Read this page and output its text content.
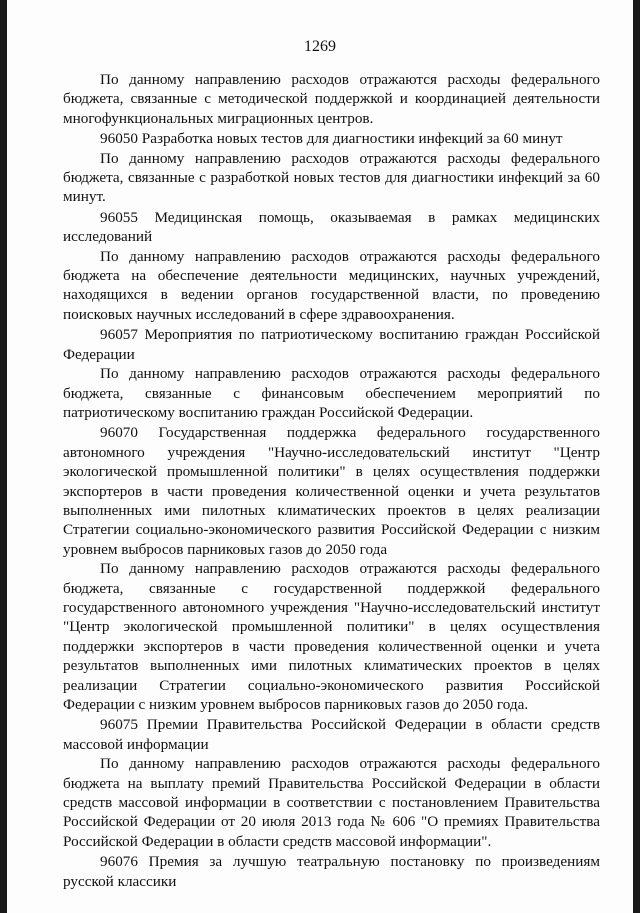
1269

По данному направлению расходов отражаются расходы федерального бюджета, связанные с методической поддержкой и координацией деятельности многофункциональных миграционных центров.

96050 Разработка новых тестов для диагностики инфекций за 60 минут

По данному направлению расходов отражаются расходы федерального бюджета, связанные с разработкой новых тестов для диагностики инфекций за 60 минут.

96055 Медицинская помощь, оказываемая в рамках медицинских исследований

По данному направлению расходов отражаются расходы федерального бюджета на обеспечение деятельности медицинских, научных учреждений, находящихся в ведении органов государственной власти, по проведению поисковых научных исследований в сфере здравоохранения.

96057 Мероприятия по патриотическому воспитанию граждан Российской Федерации

По данному направлению расходов отражаются расходы федерального бюджета, связанные с финансовым обеспечением мероприятий по патриотическому воспитанию граждан Российской Федерации.

96070 Государственная поддержка федерального государственного автономного учреждения "Научно-исследовательский институт "Центр экологической промышленной политики" в целях осуществления поддержки экспортеров в части проведения количественной оценки и учета результатов выполненных ими пилотных климатических проектов в целях реализации Стратегии социально-экономического развития Российской Федерации с низким уровнем выбросов парниковых газов до 2050 года

По данному направлению расходов отражаются расходы федерального бюджета, связанные с государственной поддержкой федерального государственного автономного учреждения "Научно-исследовательский институт "Центр экологической промышленной политики" в целях осуществления поддержки экспортеров в части проведения количественной оценки и учета результатов выполненных ими пилотных климатических проектов в целях реализации Стратегии социально-экономического развития Российской Федерации с низким уровнем выбросов парниковых газов до 2050 года.

96075 Премии Правительства Российской Федерации в области средств массовой информации

По данному направлению расходов отражаются расходы федерального бюджета на выплату премий Правительства Российской Федерации в области средств массовой информации в соответствии с постановлением Правительства Российской Федерации от 20 июля 2013 года № 606 "О премиях Правительства Российской Федерации в области средств массовой информации".

96076 Премия за лучшую театральную постановку по произведениям русской классики
